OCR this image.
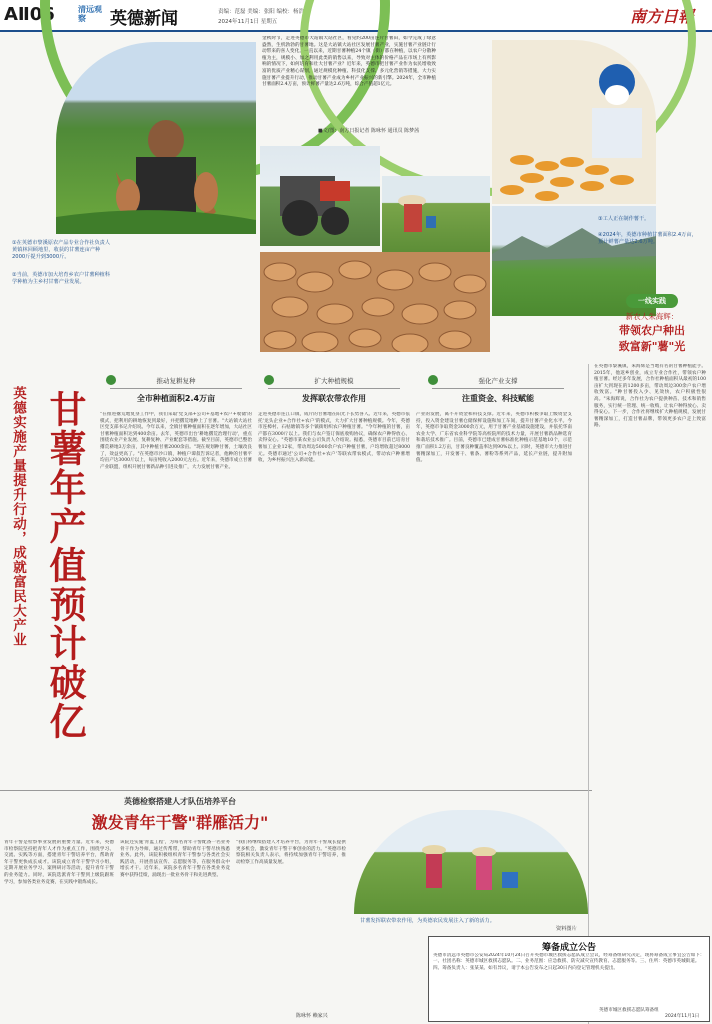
AⅡ06	清远观察	英德新闻	责编：范磊 美编：张阳 编校：杨浩宗
2024年11月1日 星期五	南方日報
金秋时节，走进英德市大站镇大站社区，看见约200亩连片甘薯田，如今完成了绿意盎然，生机勃勃的甘薯地。这是大站镇大站社区发展甘薯产业，实施甘薯产业链计行动带来的喜人变化。一直以来，近期甘薯种植24个镇（街）都在种植，以农户分散种植为主，规模小、加之利用此类的销售以来，导致对主体的价格产品在市场上有所影响的情况下，如何培育和壮大甘薯产业？近年来，英德市把甘薯产业作为农民增收致富的优质产业精心谋划，通过规模化种植、科技化支撑、多元化营销等措施，大力实施甘薯产业提升行动，推动甘薯产业成为乡村产业振兴的新引擎。2024年，全市种植甘薯面积2.4万亩，预计鲜薯产量达2.6万吨，综合产值超1亿元。
■文/图：南方日报记者 陈咏怀 通讯员 陈梦茜
①在英德市黎溪原农产品专业合作社负责人黄镇林回顾地里，收获的甘薯连亩产种2000斤提升到3000斤。
②当前，英德市加大培育乡农户甘薯种植科学种植为主乡村甘薯产业发展。
③工人正在制作薯干。
④2024年，英德市种植甘薯面积2.4万亩，预计鲜薯产量达2.6万吨。
一线实践
新农人朱海辉：
带领农户种出
致富新"薯"光
甘薯年产值预计破亿
英德实施产量提升行动，成就富民大产业
推动复耕复种
全市种植面积2.4万亩
扩大种植规模
发挥联农带农作用
强化产业支撑
注重资金、科技赋能
"在推进撂荒地复垦工作中，我们采取'党支部+公司+基地+农户+收储'的模式，把利用的耕地恢复到最好，并把撂荒地种上了甘薯。"大站镇大站社区党支部书记介绍说。今年以来，全镇甘薯种植面积在逐年增加，大站社区甘薯种植面积达到400余亩。去年，英德市出台'耕地撂荒治理行动'，重点围绕农业产业发展、复耕复种、产业配套等措施。截至目前，英德市已整治撂荒耕地3万余亩，其中种植甘薯2000余亩。"现在规划种甘薯，土壤改良了，效益更高了。"在英德市沙口镇，种植户谭叔告诉记者，他种的甘薯平均亩产达3000斤以上，每亩纯收入2000元左右。近年来，英德市成立甘薯产业联盟，组织开展甘薯新品种引进及推广，大力发展甘薯产业。
走进英德市连江口镇，成片的甘薯地在阳光下长势喜人。近年来，英德市依托'龙头企业+合作社+农户'的模式，大力扩大甘薯种植规模。今年，英德市连樟村、石牯塘镇等多个镇街组织农户种植甘薯。"今年种植的甘薯，亩产都在3000斤以上。我们与农户签订保底收购协议，确保农户种得放心、卖得安心。"英德市某农业公司负责人介绍说。据悉，英德市目前已培育甘薯加工企业12家，带动周边5000余户农户种植甘薯，户均增收超过8000元。英德市通过'公司+合作社+农户'等联农带农模式，带动农户种薯增收，为乡村振兴注入新动能。
产业的发展，离不开资金和科技支撑。近年来，英德市积极争取上级资金支持，投入资金建设甘薯仓储保鲜设施和加工车间，提升甘薯产业化水平。今年，英德市争取资金3000余万元，用于甘薯产业基础设施建设，并依托华南农业大学、广东省农业科学院等高校院所的技术力量，开展甘薯新品种选育和栽培技术推广。目前，英德市已建成甘薯标准化种植示范基地10个，示范推广面积1.2万亩，甘薯良种覆盖率达到90%以上。同时，英德市大力推进甘薯精深加工，开发薯干、薯条、薯粉等系列产品，延长产业链，提升附加值。
在英德市黎溪镇，朱海辉是当地有名的甘薯种植能手。2015年，他返乡创业，成立专业合作社，带领农户种植甘薯。经过多年发展，合作社种植面积从最初的100亩扩大到现在的1200多亩，带动周边300余户农户增收致富。"种甘薯投入少、见效快，农户积极性很高。"朱海辉说，合作社为农户提供种苗、技术和销售服务，实行统一管理、统一收购，让农户种得放心、卖得安心。下一步，合作社将继续扩大种植规模，发展甘薯精深加工，打造甘薯品牌，带领更多农户走上致富路。
英德检察搭建人才队伍培养平台
激发青年干警"群雁活力"
青年干警是检察事业发展的重要力量。近年来，英德市检察院坚持把青年人才作为重点工作，围绕学习、交流、实践等方面，搭建青年干警培养平台，帮助青年干警更快成长成才。该院成立青年干警学习小组，定期开展业务学习、案例研讨等活动，提升青年干警的业务能力。同时，该院选派青年干警到上级院跟班学习，参加各类业务竞赛，在实践中锻炼成长。
该院还实施'青蓝工程'，为每名青年干警配备一名业务骨干作为导师，通过传帮带，帮助青年干警尽快熟悉业务。此外，该院积极组织青年干警参与各类社会实践活动，开展普法宣传、志愿服务等，在服务群众中增长才干。近年来，该院多名青年干警在各类业务竞赛中获得佳绩，涌现出一批业务骨干和先进典型。
"我们将继续搭建人才培养平台，为青年干警成长提供更多机会，激发青年干警干事创业的活力。"英德市检察院相关负责人表示，将持续加强青年干警培养，推动检察工作高质量发展。
陈咏怀 赖家兴
甘薯发挥联农带农作用，为英德农民发展注入了新的活力。
资料图片
筹备成立公告
英德市清远市英德市公安局2024年10月24日召开英德市城区救援志愿队成立会议，经筹备组研究决定，现将筹备成立事宜公告如下：一、社团名称：英德市城区救援志愿队。二、业务范围：应急救援、防灾减灾宣传教育、志愿服务等。三、住所：英德市英城街道。四、筹备负责人：张某某。如有异议，请于本公告发布之日起30日内向登记管理机关提出。
英德市城区救援志愿队筹备组
2024年11月1日
